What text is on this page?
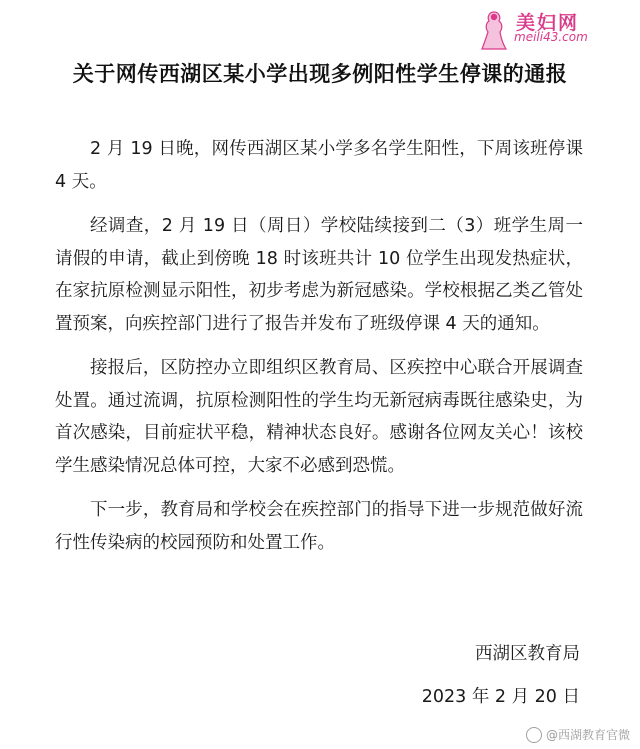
美妇网
meili43.com
关于网传西湖区某小学出现多例阳性学生停课的通报

2 月 19 日晚，网传西湖区某小学多名学生阳性，下周该班停课 4 天。

经调查，2 月 19 日（周日）学校陆续接到二（3）班学生周一请假的申请，截止到傍晚 18 时该班共计 10 位学生出现发热症状，在家抗原检测显示阳性，初步考虑为新冠感染。学校根据乙类乙管处置预案，向疾控部门进行了报告并发布了班级停课 4 天的通知。

接报后，区防控办立即组织区教育局、区疾控中心联合开展调查处置。通过流调，抗原检测阳性的学生均无新冠病毒既往感染史，为首次感染，目前症状平稳，精神状态良好。感谢各位网友关心！该校学生感染情况总体可控，大家不必感到恐慌。

下一步，教育局和学校会在疾控部门的指导下进一步规范做好流行性传染病的校园预防和处置工作。

西湖区教育局
2023 年 2 月 20 日
@西湖教育官微
